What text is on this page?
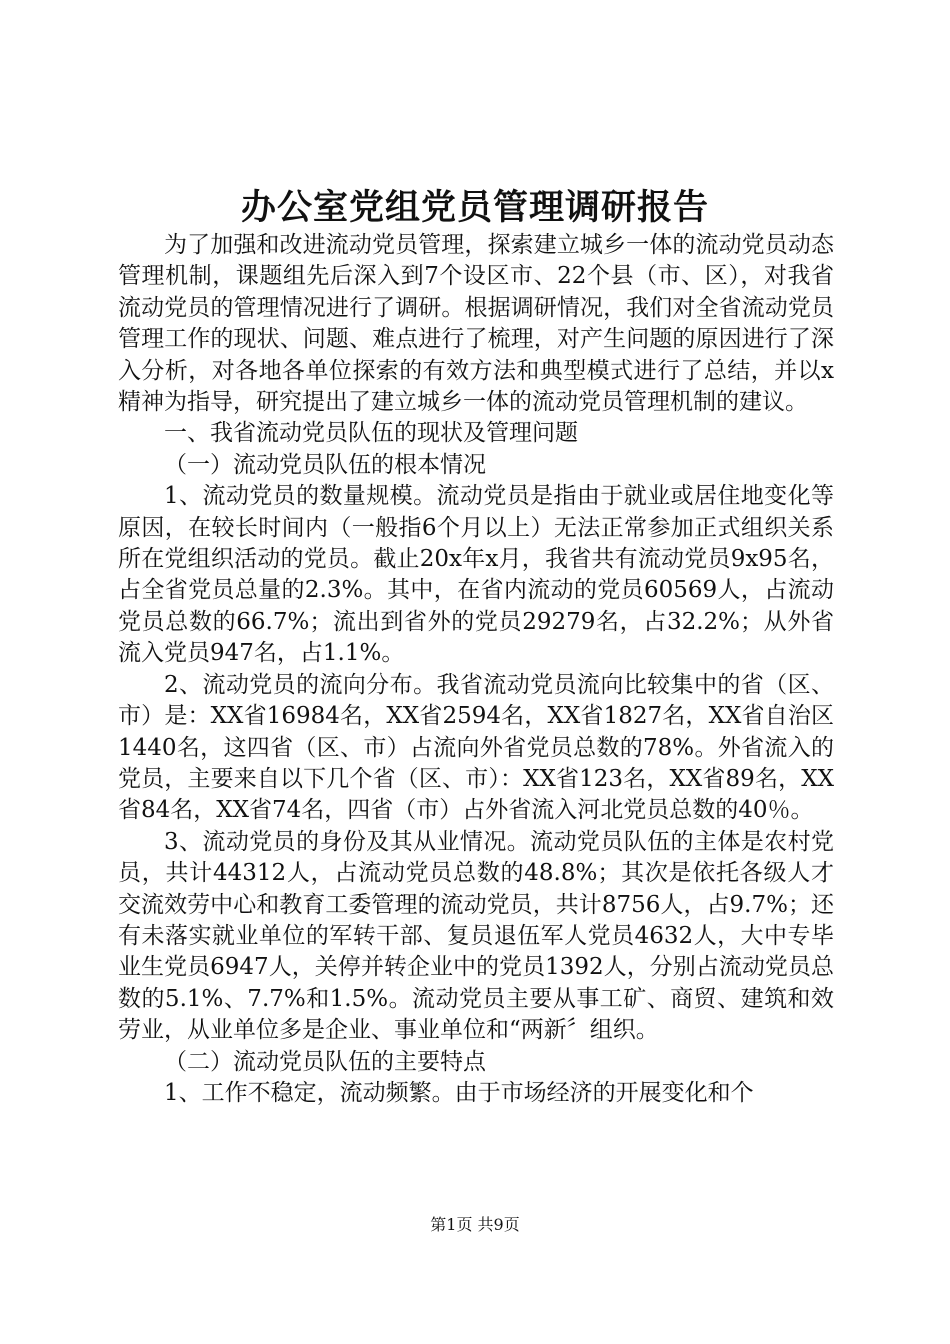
办公室党组党员管理调研报告

为了加强和改进流动党员管理，探索建立城乡一体的流动党员动态管理机制，课题组先后深入到7个设区市、22个县（市、区），对我省流动党员的管理情况进行了调研。根据调研情况，我们对全省流动党员管理工作的现状、问题、难点进行了梳理，对产生问题的原因进行了深入分析，对各地各单位探索的有效方法和典型模式进行了总结，并以x精神为指导，研究提出了建立城乡一体的流动党员管理机制的建议。

一、我省流动党员队伍的现状及管理问题

（一）流动党员队伍的根本情况

1、流动党员的数量规模。流动党员是指由于就业或居住地变化等原因，在较长时间内（一般指6个月以上）无法正常参加正式组织关系所在党组织活动的党员。截止20x年x月，我省共有流动党员9x95名，占全省党员总量的2.3%。其中，在省内流动的党员60569人，占流动党员总数的66.7%；流出到省外的党员29279名，占32.2%；从外省流入党员947名，占1.1%。

2、流动党员的流向分布。我省流动党员流向比较集中的省（区、市）是：XX省16984名，XX省2594名，XX省1827名，XX省自治区1440名，这四省（区、市）占流向外省党员总数的78%。外省流入的党员，主要来自以下几个省（区、市）：XX省123名，XX省89名，XX省84名，XX省74名，四省（市）占外省流入河北党员总数的40％。

3、流动党员的身份及其从业情况。流动党员队伍的主体是农村党员，共计44312人，占流动党员总数的48.8%；其次是依托各级人才交流效劳中心和教育工委管理的流动党员，共计8756人，占9.7%；还有未落实就业单位的军转干部、复员退伍军人党员4632人，大中专毕业生党员6947人，关停并转企业中的党员1392人，分别占流动党员总数的5.1%、7.7%和1.5%。流动党员主要从事工矿、商贸、建筑和效劳业，从业单位多是企业、事业单位和“两新〞组织。

（二）流动党员队伍的主要特点

1、工作不稳定，流动频繁。由于市场经济的开展变化和个

第1页 共9页
